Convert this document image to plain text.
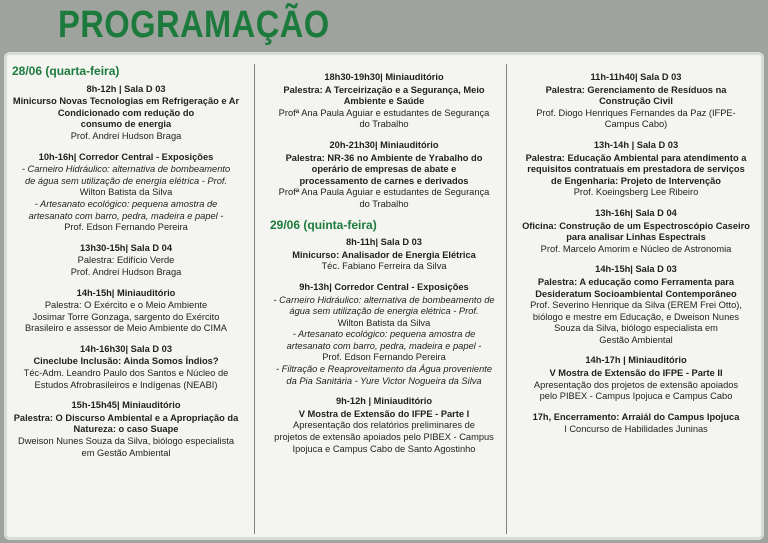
PROGRAMAÇÃO
28/06 (quarta-feira)
8h-12h | Sala D 03
Minicurso Novas Tecnologias em Refrigeração e Ar
Condicionado com redução do
consumo de energia
Prof. Andrei Hudson Braga
10h-16h| Corredor Central - Exposições
- Carneiro Hidráulico: alternativa de bombeamento
de água sem utilização de energia elétrica - Prof.
Wilton Batista da Silva
- Artesanato ecológico: pequena amostra de
artesanato com barro, pedra, madeira e papel -
Prof. Edson Fernando Pereira
13h30-15h| Sala D 04
Palestra: Edifício Verde
Prof. Andrei Hudson Braga
14h-15h| Miniauditório
Palestra: O Exército e o Meio Ambiente
Josimar Torre Gonzaga, sargento do Exército
Brasileiro e assessor de Meio Ambiente do CIMA
14h-16h30| Sala D 03
Cineclube Inclusão: Ainda Somos Índios?
Téc-Adm. Leandro Paulo dos Santos e Núcleo de
Estudos Afrobrasileiros e Indígenas (NEABI)
15h-15h45| Miniauditório
Palestra: O Discurso Ambiental e a Apropriação da
Natureza: o caso Suape
Dweison Nunes Souza da Silva, biólogo especialista
em Gestão Ambiental
18h30-19h30| Miniauditório
Palestra: A Terceirização e a Segurança, Meio
Ambiente e Saúde
Profª Ana Paula Aguiar e estudantes de Segurança
do Trabalho
20h-21h30| Miniauditório
Palestra: NR-36 no Ambiente de Yrabalho do
operário de empresas de abate e
processamento de carnes e derivados
Profª Ana Paula Aguiar e estudantes de Segurança
do Trabalho
29/06 (quinta-feira)
8h-11h| Sala D 03
Minicurso: Analisador de Energia Elétrica
Téc. Fabiano Ferreira da Silva
9h-13h| Corredor Central - Exposições
- Carneiro Hidráulico: alternativa de bombeamento de
água sem utilização de energia elétrica - Prof.
Wilton Batista da Silva
- Artesanato ecológico: pequena amostra de
artesanato com barro, pedra, madeira e papel -
Prof. Edson Fernando Pereira
- Filtração e Reaproveitamento da Água proveniente
da Pia Sanitária - Yure Victor Nogueira da Silva
9h-12h | Miniauditório
V Mostra de Extensão do IFPE - Parte I
Apresentação dos relatórios preliminares de
projetos de extensão apoiados pelo PIBEX - Campus
Ipojuca e Campus Cabo de Santo Agostinho
11h-11h40| Sala D 03
Palestra: Gerenciamento de Resíduos na
Construção Civil
Prof. Diogo Henriques Fernandes da Paz (IFPE-
Campus Cabo)
13h-14h | Sala D 03
Palestra: Educação Ambiental para atendimento a
requisitos contratuais em prestadora de serviços
de Engenharia: Projeto de Intervenção
Prof. Koeingsberg Lee Ribeiro
13h-16h| Sala D 04
Oficina: Construção de um Espectroscópio Caseiro
para analisar Linhas Espectrais
Prof. Marcelo Amorim e Núcleo de Astronomia
14h-15h| Sala D 03
Palestra: A educação como Ferramenta para
Desideratum Socioambiental Contemporâneo
Prof. Severino Henrique da Silva (EREM Frei Otto),
biólogo e mestre em Educação, e Dweison Nunes
Souza da Silva, biólogo especialista em
Gestão Ambiental
14h-17h | Miniauditório
V Mostra de Extensão do IFPE - Parte II
Apresentação dos projetos de extensão apoiados
pelo PIBEX - Campus Ipojuca e Campus Cabo
17h, Encerramento: Arraiál do Campus Ipojuca
I Concurso de Habilidades Juninas
